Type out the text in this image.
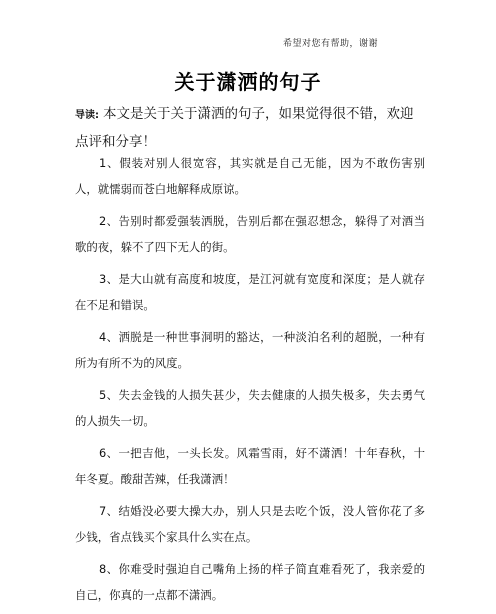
希望对您有帮助，谢谢
关于潇洒的句子
导读: 本文是关于关于潇洒的句子，如果觉得很不错，欢迎点评和分享！
1、假装对别人很宽容，其实就是自己无能，因为不敢伤害别人，就懦弱而苍白地解释成原谅。
2、告别时都爱强装洒脱，告别后都在强忍想念，躲得了对酒当歌的夜，躲不了四下无人的街。
3、是大山就有高度和坡度，是江河就有宽度和深度；是人就存在不足和错误。
4、洒脱是一种世事洞明的豁达，一种淡泊名利的超脱，一种有所为有所不为的风度。
5、失去金钱的人损失甚少，失去健康的人损失极多，失去勇气的人损失一切。
6、一把吉他，一头长发。风霜雪雨，好不潇洒！十年春秋，十年冬夏。酸甜苦辣，任我潇洒！
7、结婚没必要大操大办，别人只是去吃个饭，没人管你花了多少钱，省点钱买个家具什么实在点。
8、你难受时强迫自己嘴角上扬的样子简直难看死了，我亲爱的自己，你真的一点都不潇洒。
